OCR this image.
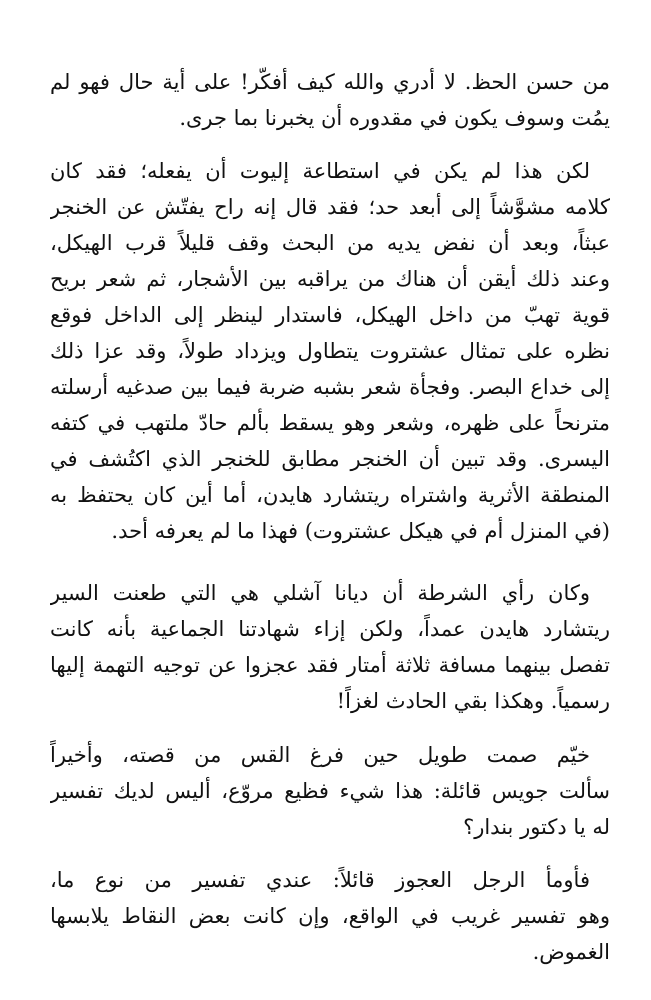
من حسن الحظ. لا أدري والله كيف أفكّر! على أية حال فهو لم
يمُت وسوف يكون في مقدوره أن يخبرنا بما جرى.
لكن هذا لم يكن في استطاعة إليوت أن يفعله؛ فقد كان
كلامه مشوَّشاً إلى أبعد حد؛ فقد قال إنه راح يفتّش عن الخنجر
عبثاً، وبعد أن نفض يديه من البحث وقف قليلاً قرب الهيكل،
وعند ذلك أيقن أن هناك من يراقبه بين الأشجار، ثم شعر بريح
قوية تهبّ من داخل الهيكل، فاستدار لينظر إلى الداخل فوقع
نظره على تمثال عشتروت يتطاول ويزداد طولاً، وقد عزا ذلك
إلى خداع البصر. وفجأة شعر بشبه ضربة فيما بين صدغيه أرسلته
مترنحاً على ظهره، وشعر وهو يسقط بألم حادّ ملتهب في كتفه
اليسرى. وقد تبين أن الخنجر مطابق للخنجر الذي اكتُشف في
المنطقة الأثرية واشتراه ريتشارد هايدن، أما أين كان يحتفظ به
(في المنزل أم في هيكل عشتروت) فهذا ما لم يعرفه أحد.
وكان رأي الشرطة أن ديانا آشلي هي التي طعنت السير
ريتشارد هايدن عمداً، ولكن إزاء شهادتنا الجماعية بأنه كانت
تفصل بينهما مسافة ثلاثة أمتار فقد عجزوا عن توجيه التهمة إليها
رسمياً. وهكذا بقي الحادث لغزاً!
خيّم صمت طويل حين فرغ القس من قصته، وأخيراً
سألت جويس قائلة: هذا شيء فظيع مروّع، أليس لديك تفسير
له يا دكتور بندار؟
فأومأ الرجل العجوز قائلاً: عندي تفسير من نوع ما،
وهو تفسير غريب في الواقع، وإن كانت بعض النقاط يلابسها
الغموض.
